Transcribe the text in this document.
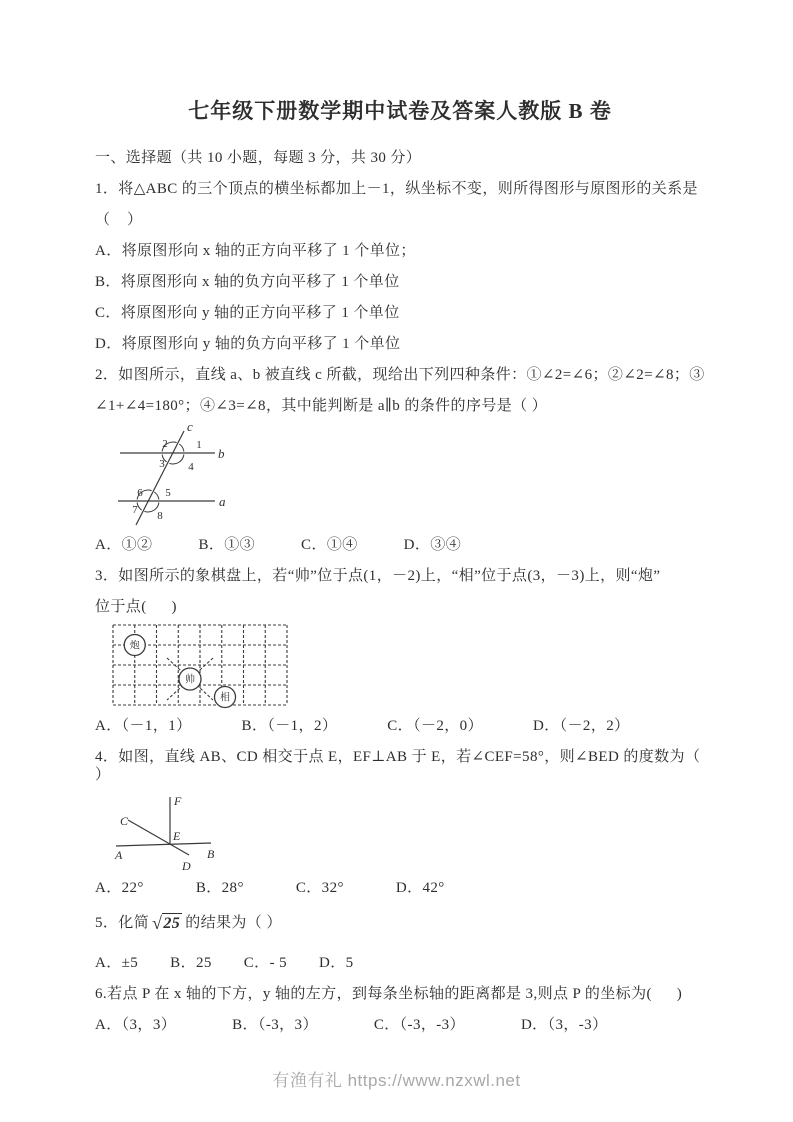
七年级下册数学期中试卷及答案人教版 B 卷

一、选择题（共 10 小题，每题 3 分，共 30 分）

1．将△ABC 的三个顶点的横坐标都加上－1，纵坐标不变，则所得图形与原图形的关系是

（    ）

A．将原图形向 x 轴的正方向平移了 1 个单位；

B．将原图形向 x 轴的负方向平移了 1 个单位

C．将原图形向 y 轴的正方向平移了 1 个单位

D．将原图形向 y 轴的负方向平移了 1 个单位

2．如图所示，直线 a、b 被直线 c 所截，现给出下列四种条件：①∠2=∠6；②∠2=∠8；③

∠1+∠4=180°；④∠3=∠8，其中能判断是 a∥b 的条件的序号是（ ）

c
b
a
1
2
3 4
5
6
7 8
A．①②	B．①③	C．①④	D．③④

3．如图所示的象棋盘上，若“帅”位于点(1，－2)上，“相”位于点(3，－3)上，则“炮”

位于点(      )

炮
帅
相
A．（－1，1）	B．（－1，2）	C．（－2，0）	D．（－2，2）

4．如图，直线 AB、CD 相交于点 E，EF⊥AB 于 E，若∠CEF=58°，则∠BED 的度数为（    ）

F
C
E
A	B
D
A．22°	B．28°	C．32°	D．42°

5．化简 √ 25 的结果为（ ）

A．±5 B．25 C．- 5 D．5

6.若点 P 在 x 轴的下方，y 轴的左方，到每条坐标轴的距离都是 3,则点 P 的坐标为(      )

A．（3，3）	B．（-3，3）	C．（-3，-3）	D．（3，-3）
有渔有礼 https://www.nzxwl.net
